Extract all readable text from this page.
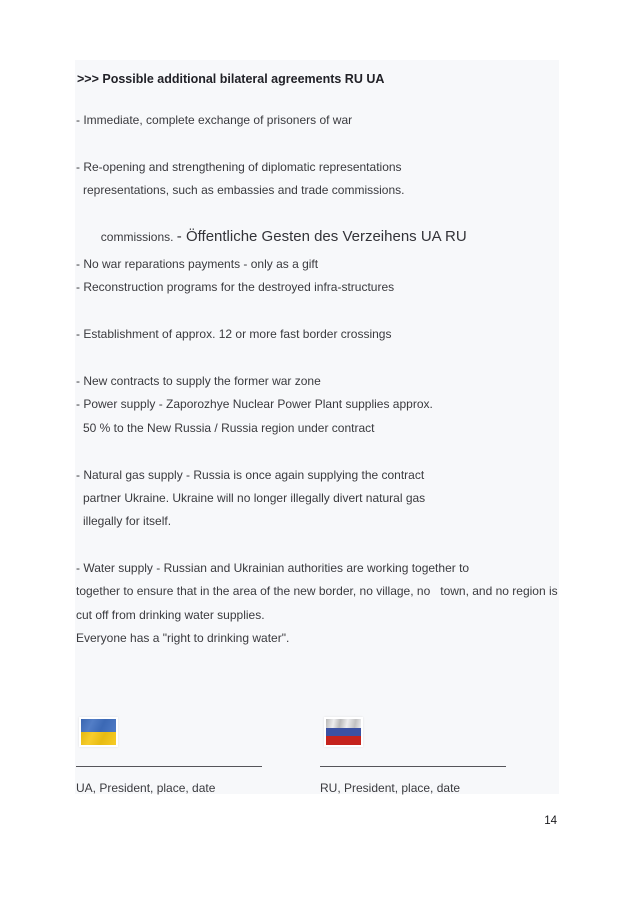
>>> Possible additional bilateral agreements RU UA
- Immediate, complete exchange of prisoners of war
- Re-opening and strengthening of diplomatic representations
representations, such as embassies and trade commissions.

commissions. - Öffentliche Gesten des Verzeihens UA RU

- No war reparations payments - only as a gift
- Reconstruction programs for the destroyed infra-structures
- Establishment of approx. 12 or more fast border crossings
- New contracts to supply the former war zone
- Power supply - Zaporozhye Nuclear Power Plant supplies approx.
50 % to the New Russia / Russia region under contract
- Natural gas supply - Russia is once again supplying the contract
partner Ukraine. Ukraine will no longer illegally divert natural gas
illegally for itself.
- Water supply - Russian and Ukrainian authorities are working together to
together to ensure that in the area of the new border, no village, no   town, and no region is
cut off from drinking water supplies.
Everyone has a "right to drinking water".
UA, President, place, date	RU, President, place, date
14
